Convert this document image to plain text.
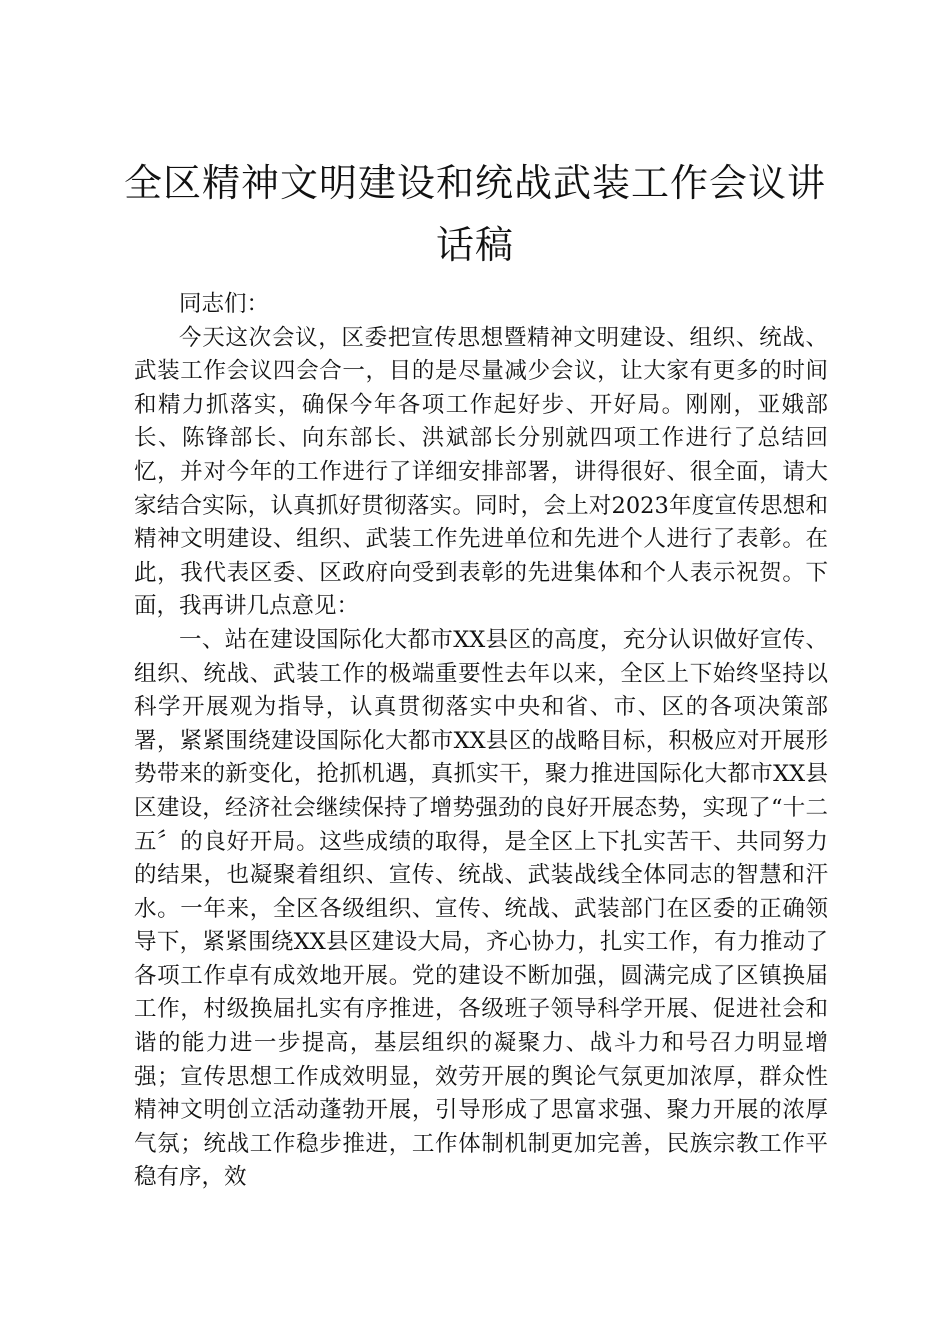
全区精神文明建设和统战武装工作会议讲话稿

同志们：

今天这次会议，区委把宣传思想暨精神文明建设、组织、统战、武装工作会议四会合一，目的是尽量减少会议，让大家有更多的时间和精力抓落实，确保今年各项工作起好步、开好局。刚刚，亚娥部长、陈锋部长、向东部长、洪斌部长分别就四项工作进行了总结回忆，并对今年的工作进行了详细安排部署，讲得很好、很全面，请大家结合实际，认真抓好贯彻落实。同时，会上对2023年度宣传思想和精神文明建设、组织、武装工作先进单位和先进个人进行了表彰。在此，我代表区委、区政府向受到表彰的先进集体和个人表示祝贺。下面，我再讲几点意见：

一、站在建设国际化大都市XX县区的高度，充分认识做好宣传、组织、统战、武装工作的极端重要性去年以来，全区上下始终坚持以科学开展观为指导，认真贯彻落实中央和省、市、区的各项决策部署，紧紧围绕建设国际化大都市XX县区的战略目标，积极应对开展形势带来的新变化，抢抓机遇，真抓实干，聚力推进国际化大都市XX县区建设，经济社会继续保持了增势强劲的良好开展态势，实现了“十二五〞的良好开局。这些成绩的取得，是全区上下扎实苦干、共同努力的结果，也凝聚着组织、宣传、统战、武装战线全体同志的智慧和汗水。一年来，全区各级组织、宣传、统战、武装部门在区委的正确领导下，紧紧围绕XX县区建设大局，齐心协力，扎实工作，有力推动了各项工作卓有成效地开展。党的建设不断加强，圆满完成了区镇换届工作，村级换届扎实有序推进，各级班子领导科学开展、促进社会和谐的能力进一步提高，基层组织的凝聚力、战斗力和号召力明显增强；宣传思想工作成效明显，效劳开展的舆论气氛更加浓厚，群众性精神文明创立活动蓬勃开展，引导形成了思富求强、聚力开展的浓厚气氛；统战工作稳步推进，工作体制机制更加完善，民族宗教工作平稳有序，效
